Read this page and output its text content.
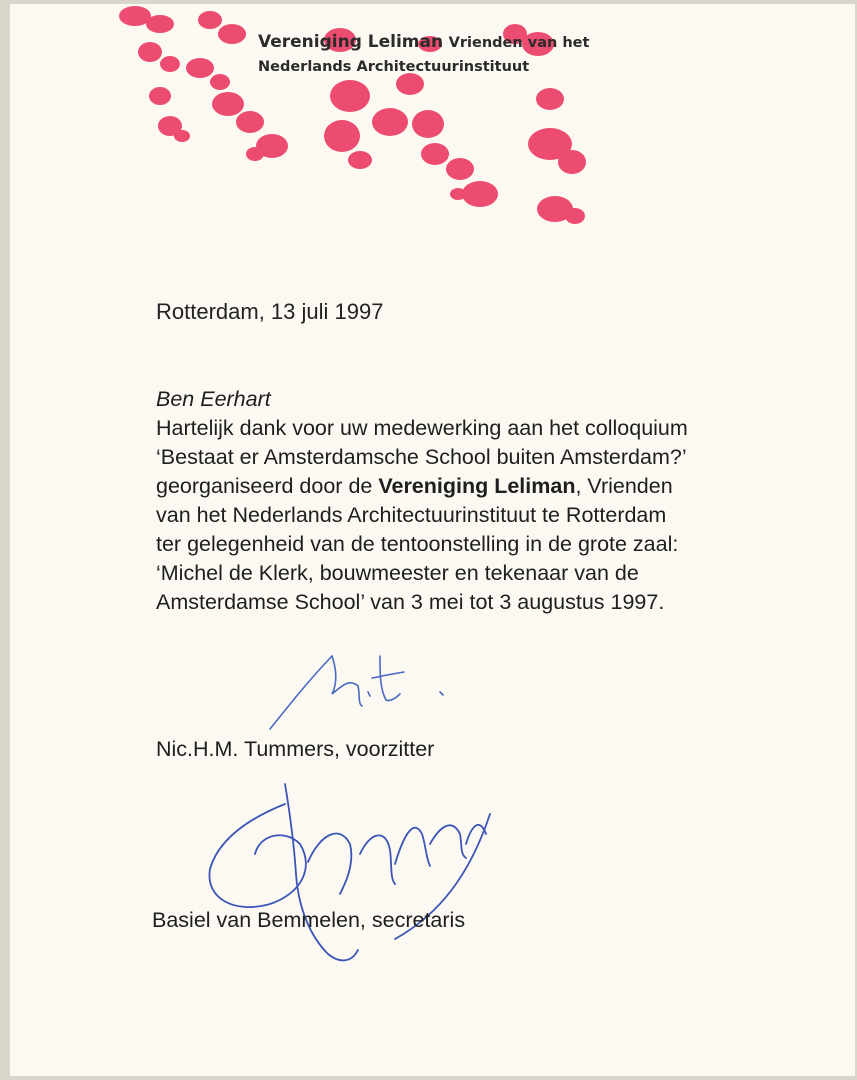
Vereniging Leliman Vrienden van het
Nederlands Architectuurinstituut
Rotterdam, 13 juli 1997
Ben Eerhart
Hartelijk dank voor uw medewerking aan het colloquium
‘Bestaat er Amsterdamsche School buiten Amsterdam?’
georganiseerd door de Vereniging Leliman, Vrienden
van het Nederlands Architectuurinstituut te Rotterdam
ter gelegenheid van de tentoonstelling in de grote zaal:
‘Michel de Klerk, bouwmeester en tekenaar van de
Amsterdamse School’ van 3 mei tot 3 augustus 1997.
Nic.H.M. Tummers, voorzitter
Basiel van Bemmelen, secretaris
